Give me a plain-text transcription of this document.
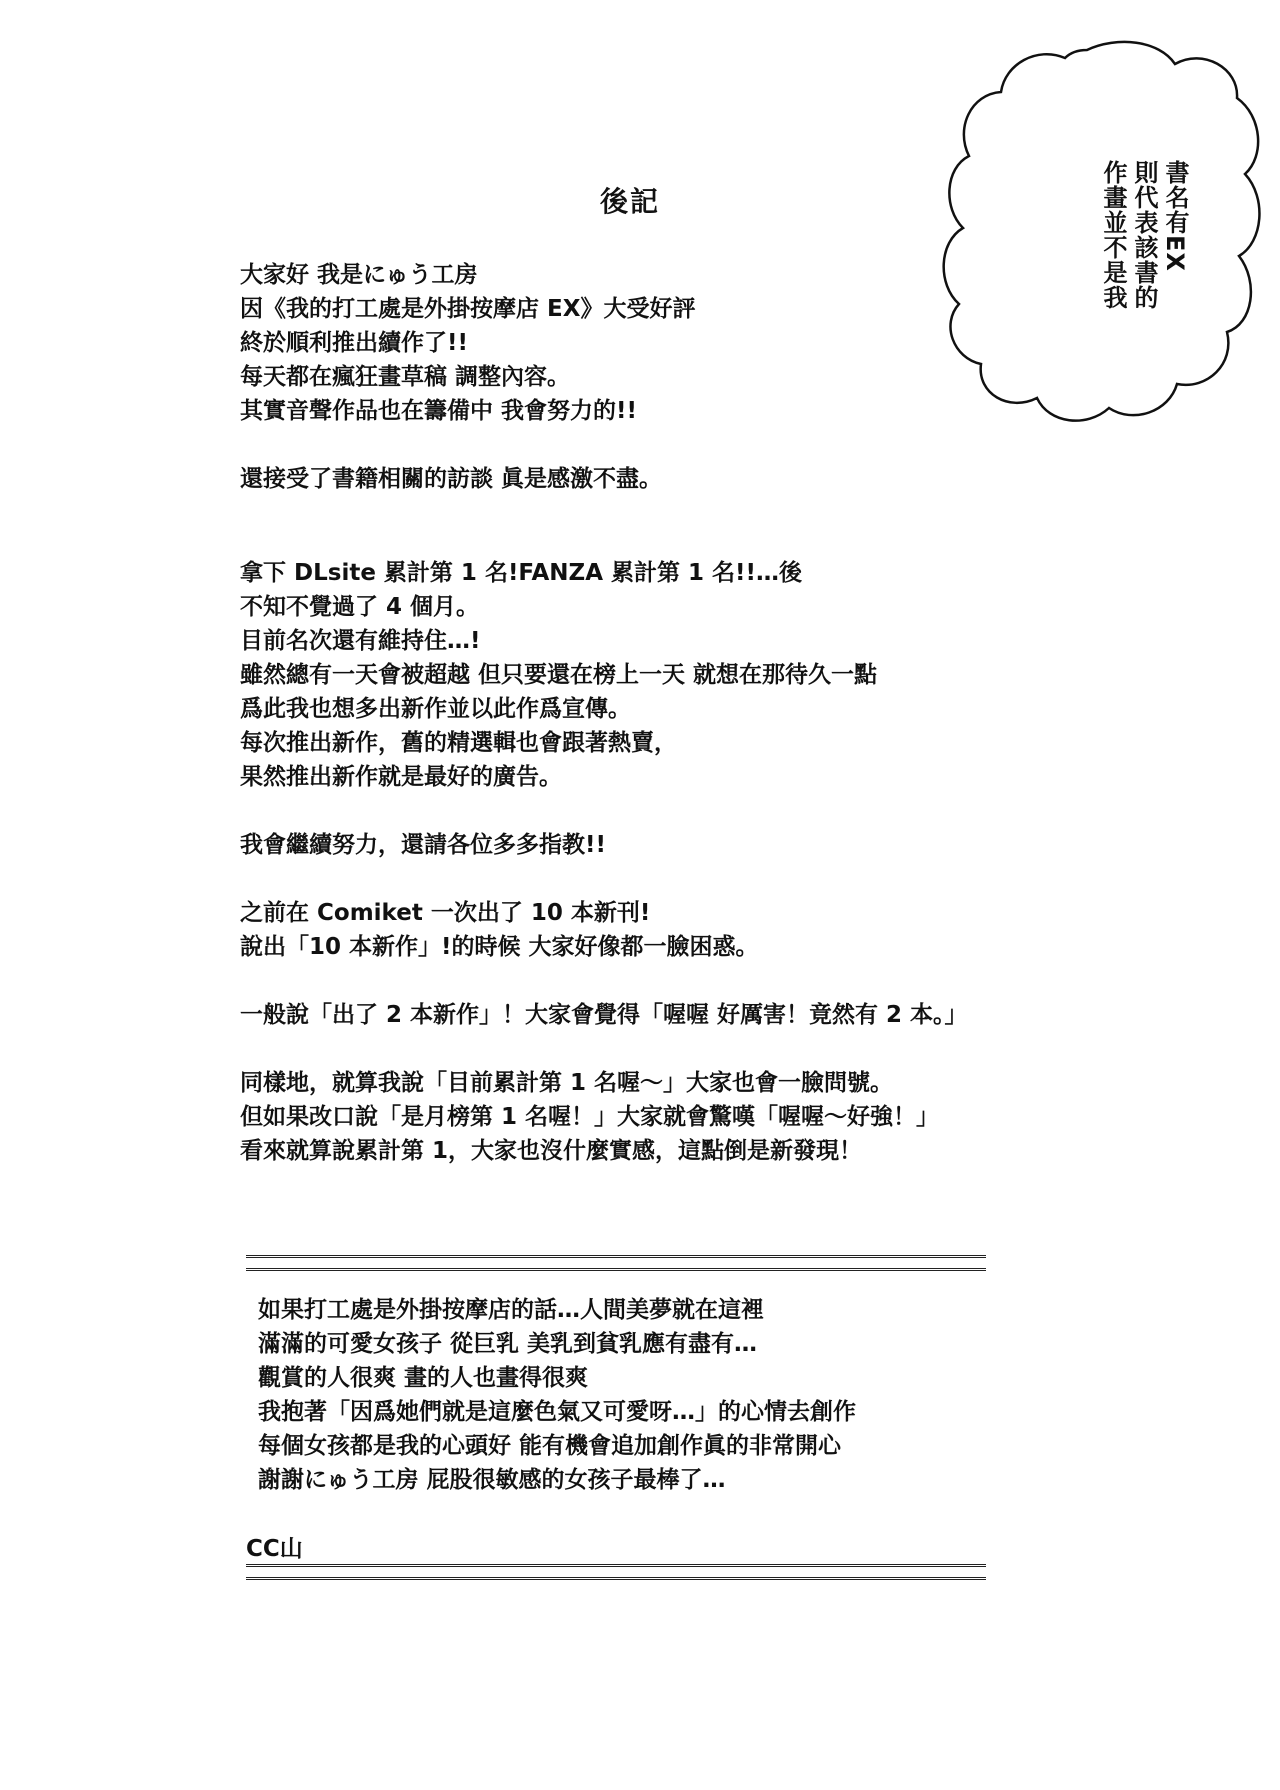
書名有EX
則代表該書的
作畫並不是我
後記
大家好 我是にゅう工房
因《我的打工處是外掛按摩店 EX》大受好評
終於順利推出續作了!!
每天都在瘋狂畫草稿 調整內容。
其實音聲作品也在籌備中 我會努力的!!
還接受了書籍相關的訪談 眞是感激不盡。
拿下 DLsite 累計第 1 名!FANZA 累計第 1 名!!…後
不知不覺過了 4 個月。
目前名次還有維持住…!
雖然總有一天會被超越 但只要還在榜上一天 就想在那待久一點
爲此我也想多出新作並以此作爲宣傳。
每次推出新作，舊的精選輯也會跟著熱賣，
果然推出新作就是最好的廣告。
我會繼續努力，還請各位多多指教!!
之前在 Comiket 一次出了 10 本新刊!
說出「10 本新作」!的時候 大家好像都一臉困惑。
一般說「出了 2 本新作」！大家會覺得「喔喔 好厲害！竟然有 2 本。」
同樣地，就算我說「目前累計第 1 名喔～」大家也會一臉問號。
但如果改口說「是月榜第 1 名喔！」大家就會驚嘆「喔喔～好強！」
看來就算說累計第 1，大家也沒什麼實感，這點倒是新發現！
如果打工處是外掛按摩店的話…人間美夢就在這裡
滿滿的可愛女孩子 從巨乳 美乳到貧乳應有盡有…
觀賞的人很爽 畫的人也畫得很爽
我抱著「因爲她們就是這麼色氣又可愛呀…」的心情去創作
每個女孩都是我的心頭好 能有機會追加創作眞的非常開心
謝謝にゅう工房 屁股很敏感的女孩子最棒了…
CC山
